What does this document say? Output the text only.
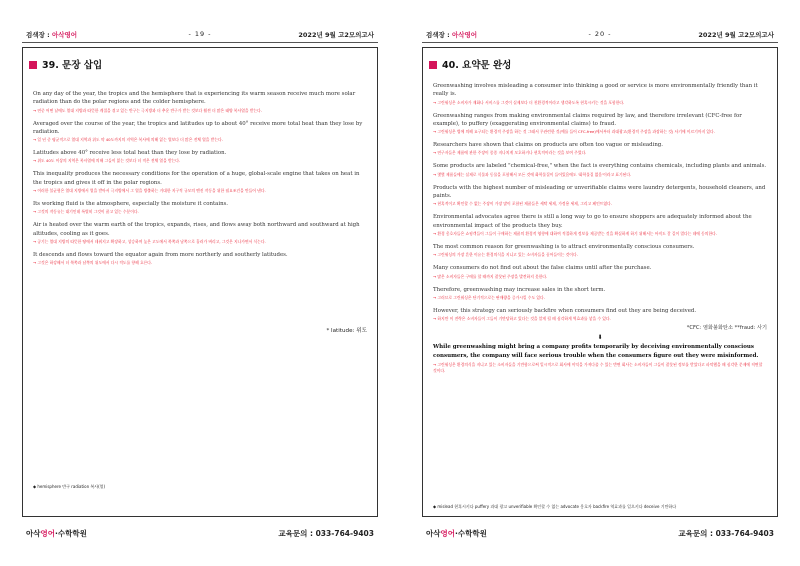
검색장 : 아삭영어	- 19 -	2022년 9월 고2모의고사
39. 문장 삽입
On any day of the year, the tropics and the hemisphere that is experiencing its warm season receive much more solar radiation than do the polar regions and the colder hemisphere.
→ 연중 어떤 날에도 열대 지방과 따뜻한 계절을 겪고 있는 반구는 극지방과 더 추운 반구가 받는 것보다 훨씬 더 많은 태양 복사열을 받는다.
Averaged over the course of the year, the tropics and latitudes up to about 40° receive more total heat than they lose by radiation.
→ 일 년 중 평균적으로 열대 지역과 위도 약 40도까지의 지역은 복사에 의해 잃는 열보다 더 많은 전체 열을 받는다.
Latitudes above 40° receive less total heat than they lose by radiation.
→ 위도 40도 이상의 지역은 복사열에 의해 그들이 잃는 것보다 더 적은 전체 열을 받는다.
This inequality produces the necessary conditions for the operation of a huge, global-scale engine that takes on heat in the tropics and gives it off in the polar regions.
→ 이러한 불균형은 열대 지방에서 열을 받아서 극지방에서 그 열을 방출하는 거대한 지구적 규모의 엔진 작동을 위한 필요조건을 만들어 낸다.
Its working fluid is the atmosphere, especially the moisture it contains.
→ 그것의 작동유는 대기인데 특별히 그것이 품고 있는 수분이다.
Air is heated over the warm earth of the tropics, expands, rises, and flows away both northward and southward at high altitudes, cooling as it goes.
→ 공기는 열대 지방의 따뜻한 땅에서 데워지고 확장하고, 상승하며 높은 고도에서 북쪽과 남쪽으로 흘러가 버리고, 그것은 지나가면서 식는다.
It descends and flows toward the equator again from more northerly and southerly latitudes.
→ 그것은 하강해서 더 북쪽과 남쪽의 위도에서 다시 적도를 향해 흐른다.
* latitude: 위도
◆ hemisphere 반구 radiation 복사(열)
아삭영어·수학학원	교육문의 : 033-764-9403
검색장 : 아삭영어	- 20 -	2022년 9월 고2모의고사
40. 요약문 완성
Greenwashing involves misleading a consumer into thinking a good or service is more environmentally friendly than it really is.
→ 그린워싱은 소비자가 재화나 서비스를 그것이 실제보다 더 친환경적이라고 생각하도록 현혹시키는 것을 포함한다.
Greenwashing ranges from making environmental claims required by law, and therefore irrelevant (CFC-free for example), to puffery (exaggerating environmental claims) to fraud.
→ 그린워싱은 법에 의해 요구되는 환경적 주장을 하는 것 그래서 무관련한 것(예를 들어 CFC-free)에서부터 과대광고(환경적 주장을 과장하는 것) 사기에 이르기까지 있다.
Researchers have shown that claims on products are often too vague or misleading.
→ 연구자들은 제품에 관한 주장이 종종 지나치게 모호하거나 현혹적이라는 것을 보여 주었다.
Some products are labeled "chemical-free," when the fact is everything contains chemicals, including plants and animals.
→ 몇몇 제품들에는 실제로 식물과 동물을 포함해서 모든 것에 화학물질이 들어있음에도 '화학물질 없음'이라고 표기된다.
Products with the highest number of misleading or unverifiable claims were laundry detergents, household cleaners, and paints.
→ 현혹적이고 확인할 수 없는 주장이 가장 많이 포함된 제품들은 세탁 세제, 가정용 세제, 그리고 페인트였다.
Environmental advocates agree there is still a long way to go to ensure shoppers are adequately informed about the environmental impact of the products they buy.
→ 환경 옹호자들은 쇼핑객들이 그들이 구매하는 제품의 환경적 영향에 대하여 적절하게 정보를 제공받는 것을 확실하게 하기 위해서는 아직도 갈 길이 멀다는 데에 동의한다.
The most common reason for greenwashing is to attract environmentally conscious consumers.
→ 그린워싱의 가장 흔한 이유는 환경의식을 지니고 있는 소비자들을 끌어들이는 것이다.
Many consumers do not find out about the false claims until after the purchase.
→ 많은 소비자들은 구매를 할 때까지 잘못된 주장을 발견하지 못한다.
Therefore, greenwashing may increase sales in the short term.
→ 그러므로 그린워싱은 단기적으로는 판매량을 증가시킬 수도 있다.
However, this strategy can seriously backfire when consumers find out they are being deceived.
→ 하지만 이 전략은 소비자들이 그들이 기만당하고 있다는 것을 알게 될 때 심각하게 역효과를 낳을 수 있다.
*CFC: 염화불화탄소 **fraud: 사기
⬇
While greenwashing might bring a company profits temporarily by deceiving environmentally conscious consumers, the company will face serious trouble when the consumers figure out they were misinformed.
→ 그린워싱은 환경의식을 지니고 있는 소비자들을 기만함으로써 일시적으로 회사에 이익을 가져다줄 수 있는 반면 회사는 소비자들이 그들이 잘못된 정보를 받았다고 파악했을 때 심각한 문제에 직면할 것이다.
◆ mislead 현혹시키다 puffery 과대 광고 unverifiable 확인할 수 없는 advocate 옹호자 backfire 역효과를 일으키다 deceive 기만하다
아삭영어·수학학원	교육문의 : 033-764-9403
